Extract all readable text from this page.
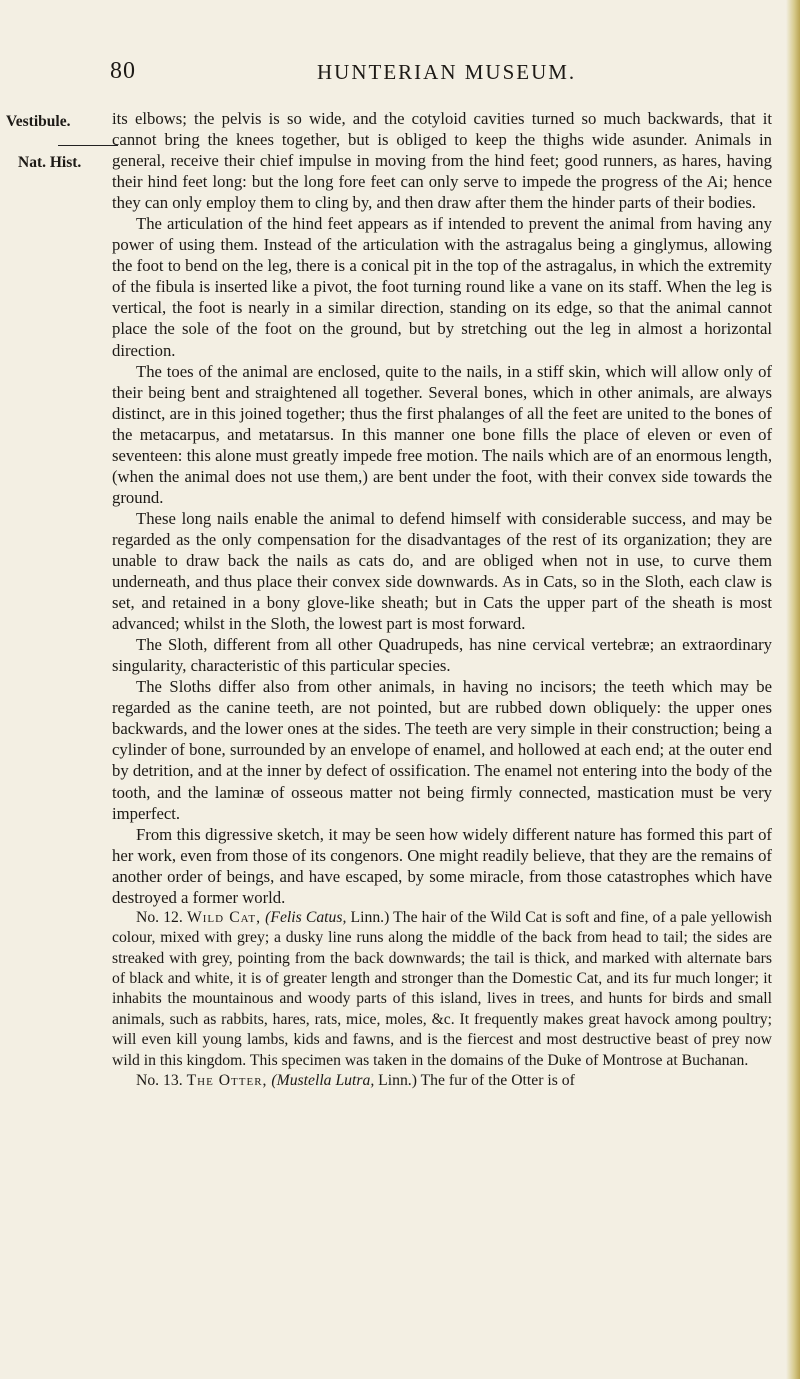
80	HUNTERIAN MUSEUM.
Vestibule.
Nat. Hist.

its elbows; the pelvis is so wide, and the cotyloid cavities turned so much backwards, that it cannot bring the knees together, but is obliged to keep the thighs wide asunder. Animals in general, receive their chief impulse in moving from the hind feet; good runners, as hares, having their hind feet long: but the long fore feet can only serve to impede the progress of the Ai; hence they can only employ them to cling by, and then draw after them the hinder parts of their bodies.

The articulation of the hind feet appears as if intended to prevent the animal from having any power of using them. Instead of the articulation with the astragalus being a ginglymus, allowing the foot to bend on the leg, there is a conical pit in the top of the astragalus, in which the extremity of the fibula is inserted like a pivot, the foot turning round like a vane on its staff. When the leg is vertical, the foot is nearly in a similar direction, standing on its edge, so that the animal cannot place the sole of the foot on the ground, but by stretching out the leg in almost a horizontal direction.

The toes of the animal are enclosed, quite to the nails, in a stiff skin, which will allow only of their being bent and straightened all together. Several bones, which in other animals, are always distinct, are in this joined together; thus the first phalanges of all the feet are united to the bones of the metacarpus, and metatarsus. In this manner one bone fills the place of eleven or even of seventeen: this alone must greatly impede free motion. The nails which are of an enormous length, (when the animal does not use them,) are bent under the foot, with their convex side towards the ground.

These long nails enable the animal to defend himself with considerable success, and may be regarded as the only compensation for the disadvantages of the rest of its organization; they are unable to draw back the nails as cats do, and are obliged when not in use, to curve them underneath, and thus place their convex side downwards. As in Cats, so in the Sloth, each claw is set, and retained in a bony glove-like sheath; but in Cats the upper part of the sheath is most advanced; whilst in the Sloth, the lowest part is most forward.

The Sloth, different from all other Quadrupeds, has nine cervical vertebræ; an extraordinary singularity, characteristic of this particular species.

The Sloths differ also from other animals, in having no incisors; the teeth which may be regarded as the canine teeth, are not pointed, but are rubbed down obliquely: the upper ones backwards, and the lower ones at the sides. The teeth are very simple in their construction; being a cylinder of bone, surrounded by an envelope of enamel, and hollowed at each end; at the outer end by detrition, and at the inner by defect of ossification. The enamel not entering into the body of the tooth, and the laminæ of osseous matter not being firmly connected, mastication must be very imperfect.

From this digressive sketch, it may be seen how widely different nature has formed this part of her work, even from those of its congenors. One might readily believe, that they are the remains of another order of beings, and have escaped, by some miracle, from those catastrophes which have destroyed a former world.

No. 12. Wild Cat, (Felis Catus, Linn.) The hair of the Wild Cat is soft and fine, of a pale yellowish colour, mixed with grey; a dusky line runs along the middle of the back from head to tail; the sides are streaked with grey, pointing from the back downwards; the tail is thick, and marked with alternate bars of black and white, it is of greater length and stronger than the Domestic Cat, and its fur much longer; it inhabits the mountainous and woody parts of this island, lives in trees, and hunts for birds and small animals, such as rabbits, hares, rats, mice, moles, &c. It frequently makes great havock among poultry; will even kill young lambs, kids and fawns, and is the fiercest and most destructive beast of prey now wild in this kingdom. This specimen was taken in the domains of the Duke of Montrose at Buchanan.

No. 13. The Otter, (Mustella Lutra, Linn.) The fur of the Otter is of
